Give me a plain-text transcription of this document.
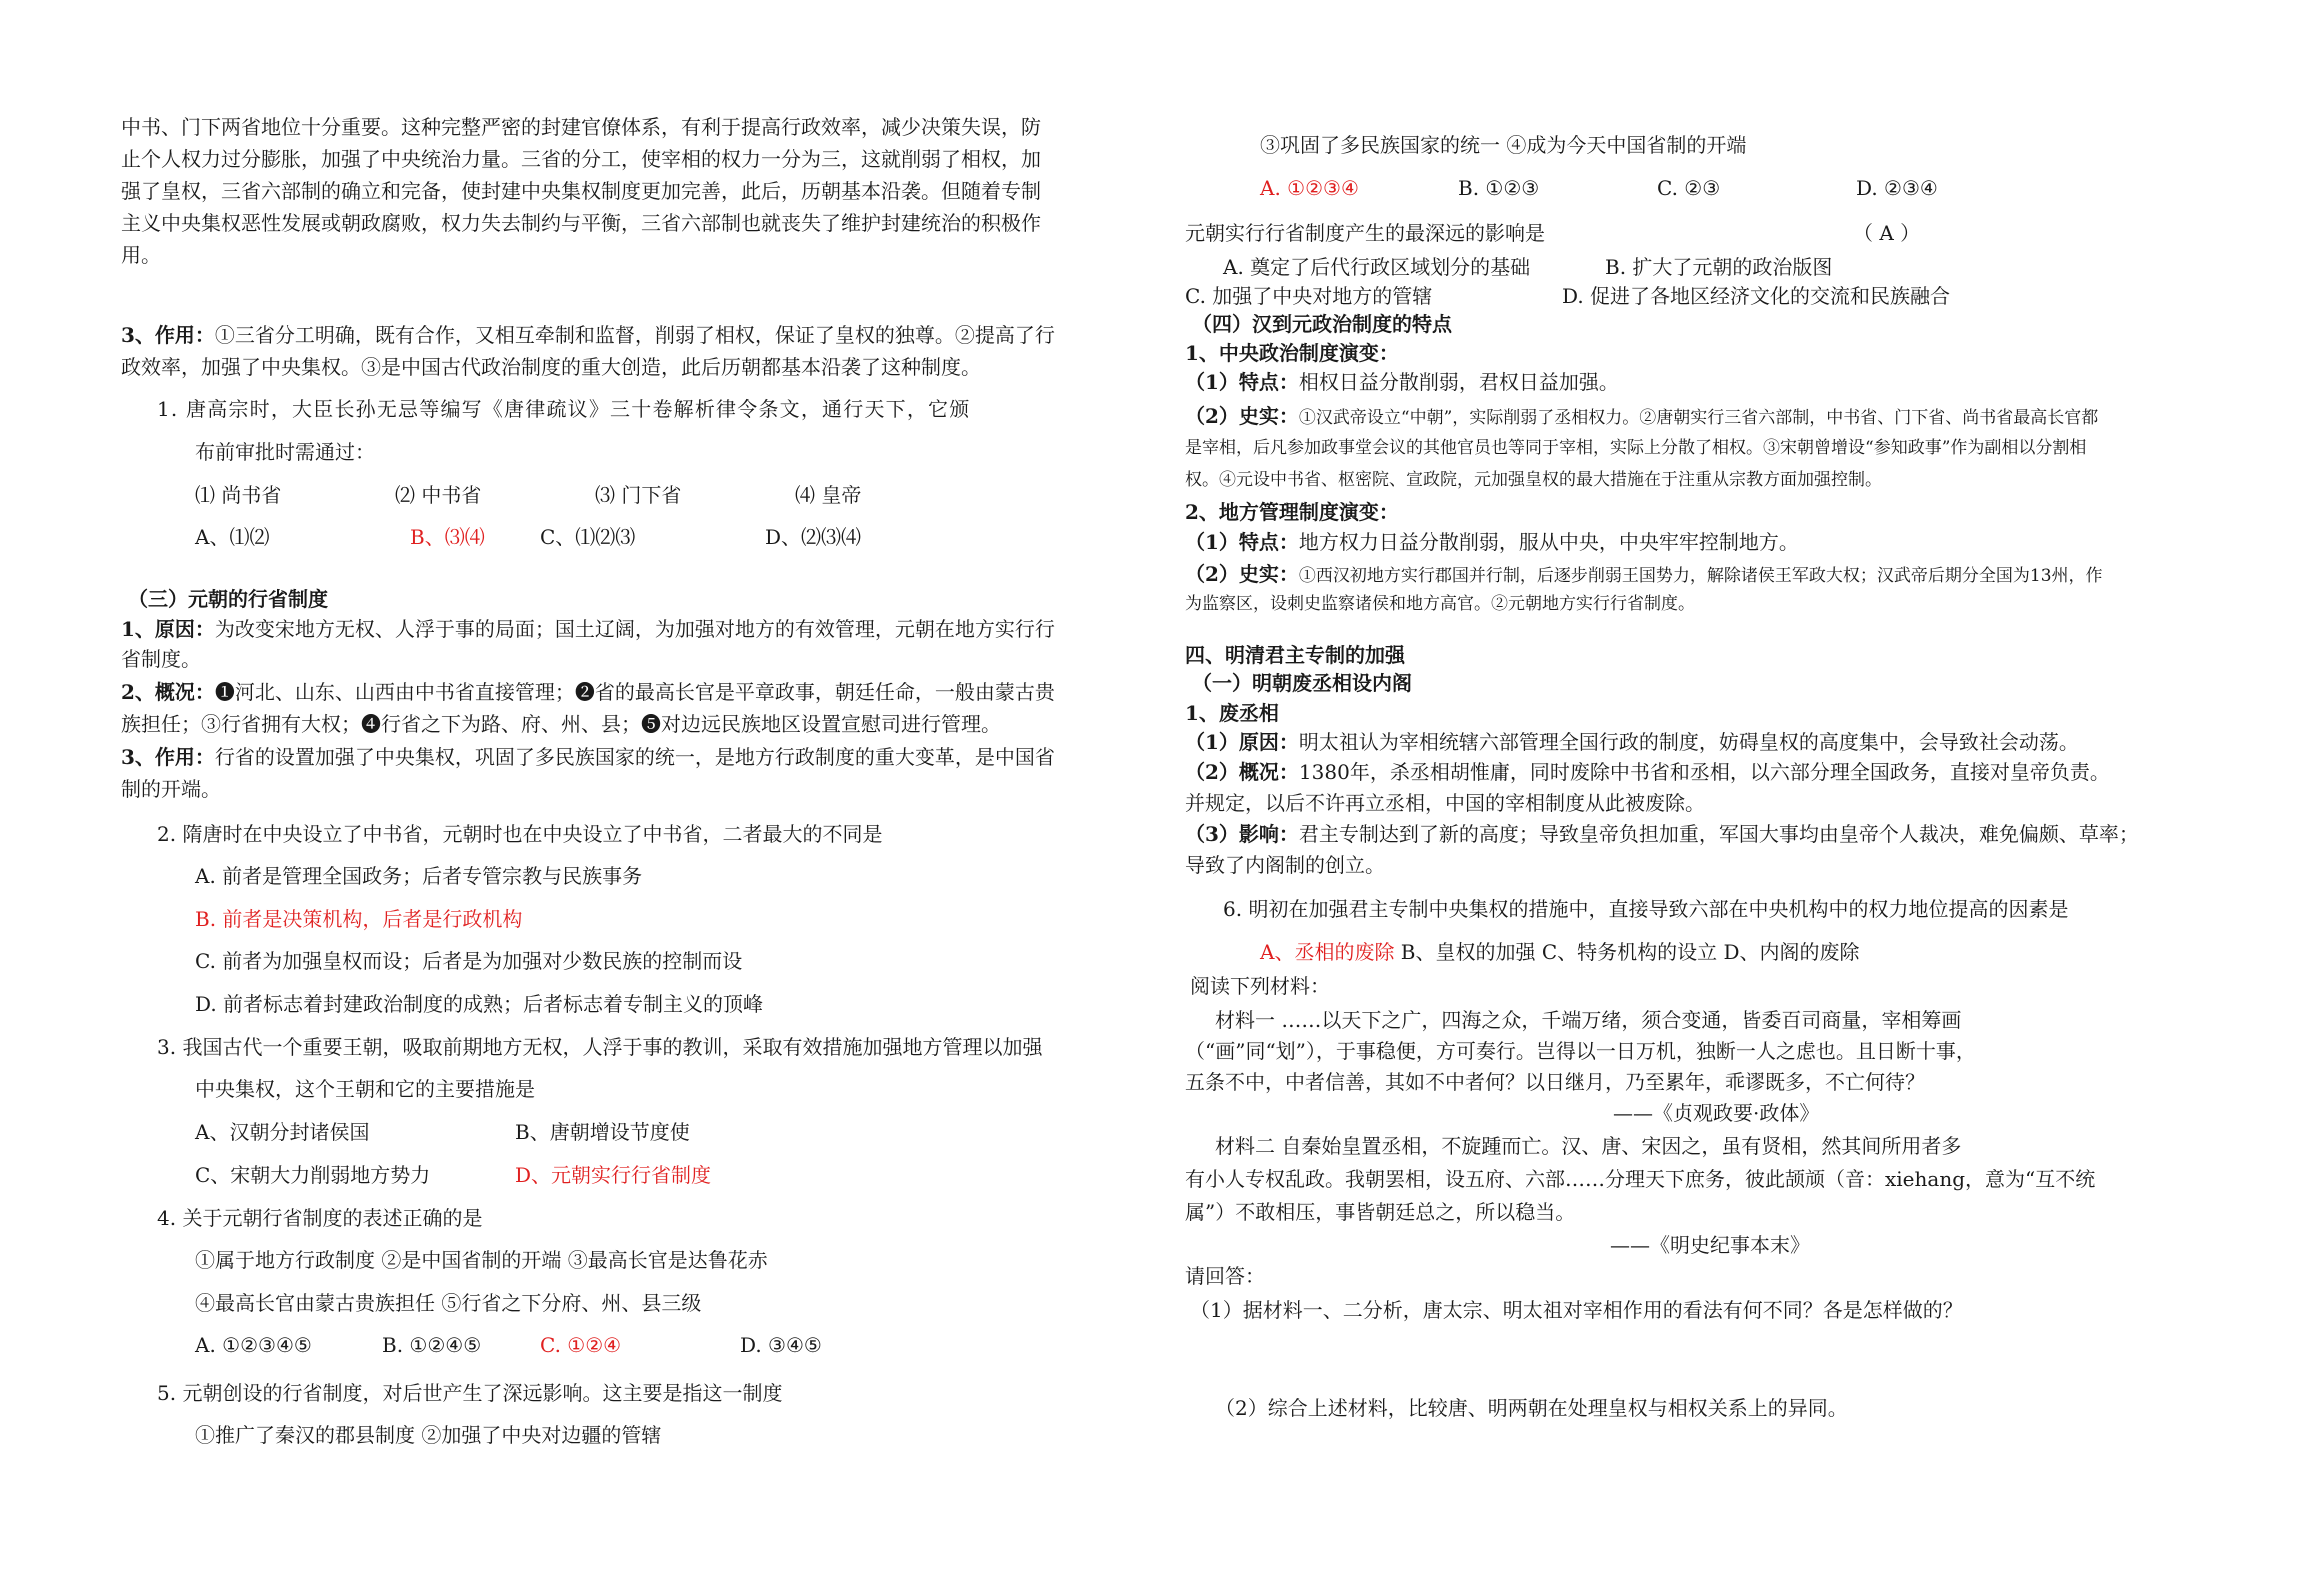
中书、门下两省地位十分重要。这种完整严密的封建官僚体系，有利于提高行政效率，减少决策失误，防
止个人权力过分膨胀，加强了中央统治力量。三省的分工，使宰相的权力一分为三，这就削弱了相权，加
强了皇权，三省六部制的确立和完备，使封建中央集权制度更加完善，此后，历朝基本沿袭。但随着专制
主义中央集权恶性发展或朝政腐败，权力失去制约与平衡，三省六部制也就丧失了维护封建统治的积极作
用。
3、作用：①三省分工明确，既有合作，又相互牵制和监督，削弱了相权，保证了皇权的独尊。②提高了行
政效率，加强了中央集权。③是中国古代政治制度的重大创造，此后历朝都基本沿袭了这种制度。
1. 唐高宗时，大臣长孙无忌等编写《唐律疏议》三十卷解析律令条文，通行天下，它颁
布前审批时需通过：
⑴ 尚书省	⑵ 中书省	⑶ 门下省	⑷ 皇帝
A、⑴⑵	B、⑶⑷	C、⑴⑵⑶	D、⑵⑶⑷
（三）元朝的行省制度
1、原因：为改变宋地方无权、人浮于事的局面；国土辽阔，为加强对地方的有效管理，元朝在地方实行行
省制度。
2、概况：➊河北、山东、山西由中书省直接管理；➋省的最高长官是平章政事，朝廷任命，一般由蒙古贵
族担任；③行省拥有大权；➍行省之下为路、府、州、县；➎对边远民族地区设置宣慰司进行管理。
3、作用：行省的设置加强了中央集权，巩固了多民族国家的统一，是地方行政制度的重大变革，是中国省
制的开端。
2. 隋唐时在中央设立了中书省，元朝时也在中央设立了中书省，二者最大的不同是
A. 前者是管理全国政务；后者专管宗教与民族事务
B. 前者是决策机构，后者是行政机构
C. 前者为加强皇权而设；后者是为加强对少数民族的控制而设
D. 前者标志着封建政治制度的成熟；后者标志着专制主义的顶峰
3. 我国古代一个重要王朝，吸取前期地方无权，人浮于事的教训，采取有效措施加强地方管理以加强
中央集权，这个王朝和它的主要措施是
A、汉朝分封诸侯国	B、唐朝增设节度使
C、宋朝大力削弱地方势力	D、元朝实行行省制度
4. 关于元朝行省制度的表述正确的是
①属于地方行政制度 ②是中国省制的开端 ③最高长官是达鲁花赤
④最高长官由蒙古贵族担任 ⑤行省之下分府、州、县三级
A. ①②③④⑤	B. ①②④⑤	C. ①②④	D. ③④⑤
5. 元朝创设的行省制度，对后世产生了深远影响。这主要是指这一制度
①推广了秦汉的郡县制度 ②加强了中央对边疆的管辖
③巩固了多民族国家的统一 ④成为今天中国省制的开端
A. ①②③④	B. ①②③	C. ②③	D. ②③④
元朝实行行省制度产生的最深远的影响是	（ A ）
A. 奠定了后代行政区域划分的基础	B. 扩大了元朝的政治版图
C. 加强了中央对地方的管辖	D. 促进了各地区经济文化的交流和民族融合
（四）汉到元政治制度的特点
1、中央政治制度演变：
（1）特点：相权日益分散削弱，君权日益加强。
（2）史实：①汉武帝设立“中朝”，实际削弱了丞相权力。②唐朝实行三省六部制，中书省、门下省、尚书省最高长官都
是宰相，后凡参加政事堂会议的其他官员也等同于宰相，实际上分散了相权。③宋朝曾增设“参知政事”作为副相以分割相
权。④元设中书省、枢密院、宣政院，元加强皇权的最大措施在于注重从宗教方面加强控制。
2、地方管理制度演变：
（1）特点：地方权力日益分散削弱，服从中央，中央牢牢控制地方。
（2）史实：①西汉初地方实行郡国并行制，后逐步削弱王国势力，解除诸侯王军政大权；汉武帝后期分全国为13州，作
为监察区，设刺史监察诸侯和地方高官。②元朝地方实行行省制度。
四、明清君主专制的加强
（一）明朝废丞相设内阁
1、废丞相
（1）原因：明太祖认为宰相统辖六部管理全国行政的制度，妨碍皇权的高度集中，会导致社会动荡。
（2）概况：1380年，杀丞相胡惟庸，同时废除中书省和丞相，以六部分理全国政务，直接对皇帝负责。
并规定，以后不许再立丞相，中国的宰相制度从此被废除。
（3）影响：君主专制达到了新的高度；导致皇帝负担加重，军国大事均由皇帝个人裁决，难免偏颇、草率；
导致了内阁制的创立。
6. 明初在加强君主专制中央集权的措施中，直接导致六部在中央机构中的权力地位提高的因素是
A、丞相的废除 B、皇权的加强 C、特务机构的设立 D、内阁的废除
阅读下列材料：
材料一 ……以天下之广，四海之众，千端万绪，须合变通，皆委百司商量，宰相筹画
（“画”同“划”），于事稳便，方可奏行。岂得以一日万机，独断一人之虑也。且日断十事，
五条不中，中者信善，其如不中者何？以日继月，乃至累年，乖谬既多，不亡何待？
——《贞观政要·政体》
材料二 自秦始皇置丞相，不旋踵而亡。汉、唐、宋因之，虽有贤相，然其间所用者多
有小人专权乱政。我朝罢相，设五府、六部……分理天下庶务，彼此颉颃（音：xiehang，意为“互不统
属”）不敢相压，事皆朝廷总之，所以稳当。
——《明史纪事本末》
请回答：
（1）据材料一、二分析，唐太宗、明太祖对宰相作用的看法有何不同？各是怎样做的？
（2）综合上述材料，比较唐、明两朝在处理皇权与相权关系上的异同。
